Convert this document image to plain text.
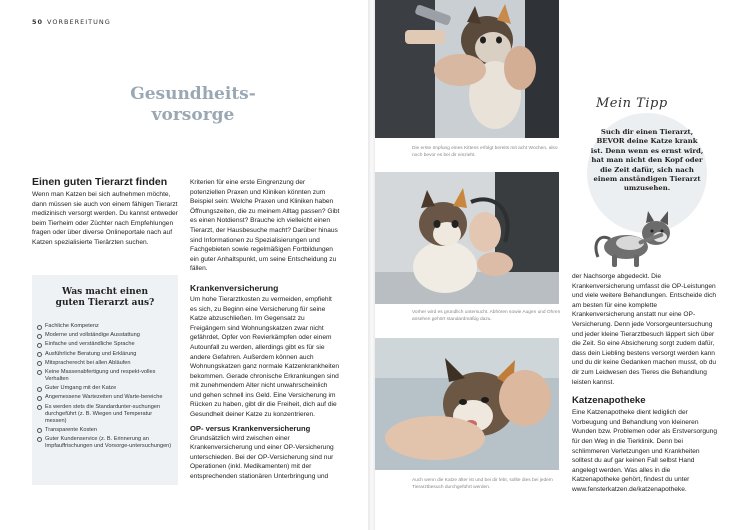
50 VORBEREITUNG
Gesundheits-
vorsorge
Einen guten Tierarzt finden
Wenn man Katzen bei sich aufnehmen möchte, dann müssen sie auch von einem fähigen Tierarzt medizinisch versorgt werden. Du kannst entweder beim Tierheim oder Züchter nach Empfehlungen fragen oder über diverse Onlineportale nach auf Katzen spezialisierte Tierärzten suchen.
Was macht einen
guten Tierarzt aus?
Fachliche Kompetenz
Moderne und vollständige Ausstattung
Einfache und verständliche Sprache
Ausführliche Beratung und Erklärung
Mitspracherecht bei allen Abläufen
Keine Massenabfertigung und respekt-volles Verhalten
Guter Umgang mit der Katze
Angemessene Wartezeiten und Warte-bereiche
Es werden stets die Standardunter-suchungen durchgeführt (z. B. Wiegen und Temperatur messen)
Transparente Kosten
Guter Kundenservice (z. B. Erinnerung an Impfauffrischungen und Vorsorge-untersuchungen)
Kriterien für eine erste Eingrenzung der potenziellen Praxen und Kliniken könnten zum Beispiel sein: Welche Praxen und Kliniken haben Öffnungszeiten, die zu meinem Alltag passen? Gibt es einen Notdienst? Brauche ich vielleicht einen Tierarzt, der Hausbesuche macht? Darüber hinaus sind Informationen zu Spezialisierungen und Fachgebieten sowie regelmäßigen Fortbildungen ein guter Anhaltspunkt, um seine Entscheidung zu fällen.
Krankenversicherung
Um hohe Tierarztkosten zu vermeiden, empfiehlt es sich, zu Beginn eine Versicherung für seine Katze abzuschließen. Im Gegensatz zu Freigängern sind Wohnungskatzen zwar nicht gefährdet, Opfer von Revierkämpfen oder einem Autounfall zu werden, allerdings gibt es für sie andere Gefahren. Außerdem können auch Wohnungskatzen ganz normale Katzenkrankheiten bekommen. Gerade chronische Erkrankungen sind mit zunehmendem Alter nicht unwahrscheinlich und gehen schnell ins Geld. Eine Versicherung im Rücken zu haben, gibt dir die Freiheit, dich auf die Gesundheit deiner Katze zu konzentrieren.
OP- versus Krankenversicherung
Grundsätzlich wird zwischen einer Krankenversicherung und einer OP-Versicherung unterschieden. Bei der OP-Versicherung sind nur Operationen (inkl. Medikamenten) mit der entsprechenden stationären Unterbringung und
Die erste Impfung eines Kittens erfolgt bereits mit acht Wochen, also noch bevor es bei dir einzieht.
Vorher wird es gründlich untersucht. Abhören sowie Augen und Ohren ansehen gehört standardmäßig dazu.
Auch wenn die Katze älter ist und bei dir lebt, sollte dies bei jedem Tierarztbesuch durchgeführt werden.
Mein Tipp
Such dir einen Tierarzt, BEVOR deine Katze krank ist. Denn wenn es ernst wird, hat man nicht den Kopf oder die Zeit dafür, sich nach einem anständigen Tierarzt umzusehen.
der Nachsorge abgedeckt. Die Krankenversicherung umfasst die OP-Leistungen und viele weitere Behandlungen. Entscheide dich am besten für eine komplette Krankenversicherung anstatt nur eine OP-Versicherung. Denn jede Vorsorgeuntersuchung und jeder kleine Tierarztbesuch läppert sich über die Zeit. So eine Absicherung sorgt zudem dafür, dass dein Liebling bestens versorgt werden kann und du dir keine Gedanken machen musst, ob du dir zum Leidwesen des Tieres die Behandlung leisten kannst.
Katzenapotheke
Eine Katzenapotheke dient lediglich der Vorbeugung und Behandlung von kleineren Wunden bzw. Problemen oder als Erstversorgung für den Weg in die Tierklinik. Denn bei schlimmeren Verletzungen und Krankheiten solltest du auf gar keinen Fall selbst Hand angelegt werden. Was alles in die Katzenapotheke gehört, findest du unter www.fensterkatzen.de/katzenapotheke.
